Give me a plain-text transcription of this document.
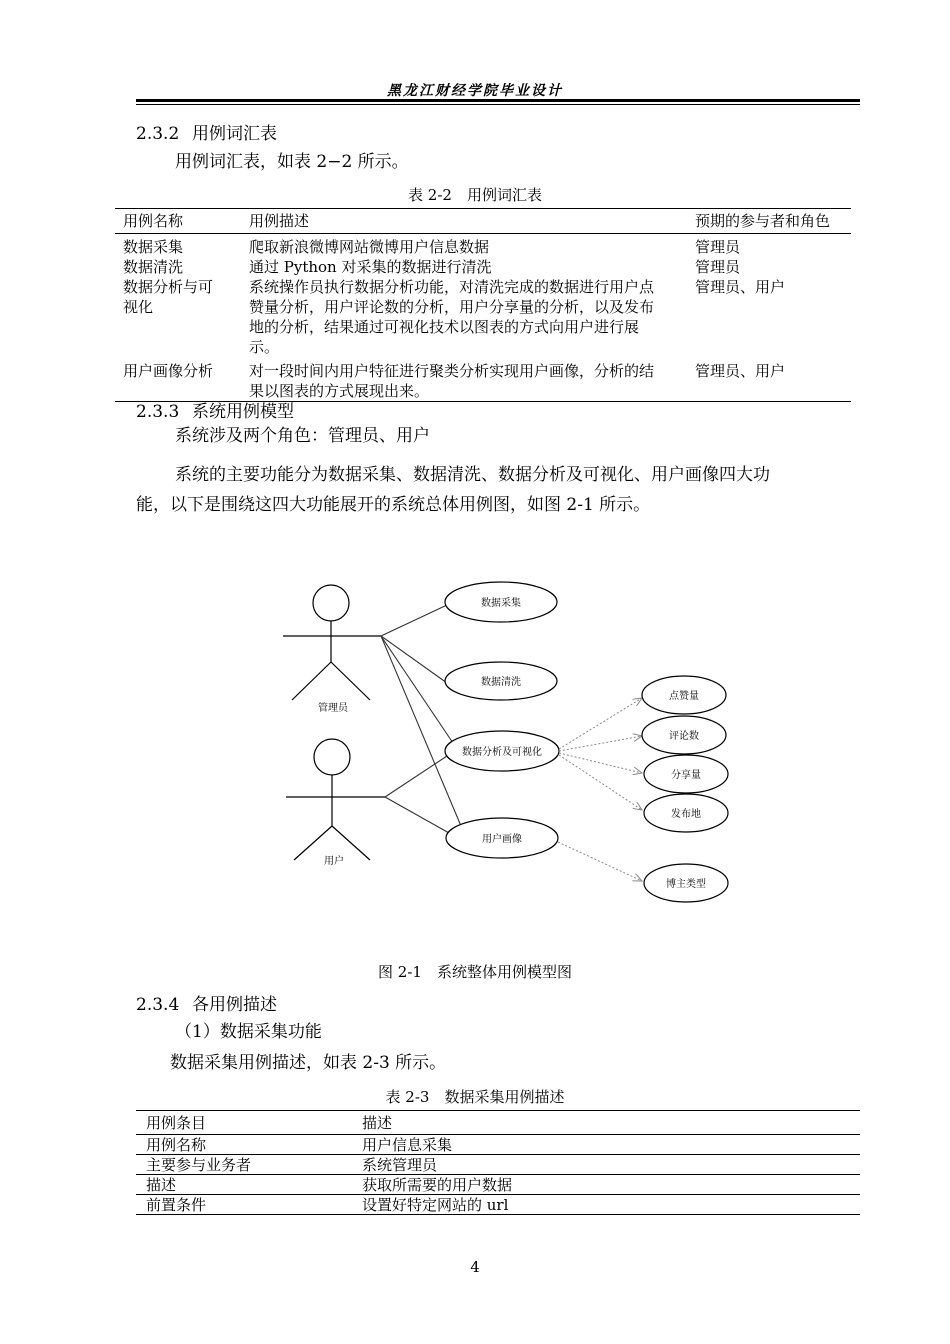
黑龙江财经学院毕业设计
2.3.2 用例词汇表
用例词汇表，如表 2−2 所示。
表 2-2　用例词汇表
用例名称	用例描述	预期的参与者和角色
数据采集	爬取新浪微博网站微博用户信息数据	管理员
数据清洗	通过 Python 对采集的数据进行清洗	管理员
数据分析与可视化	系统操作员执行数据分析功能，对清洗完成的数据进行用户点赞量分析，用户评论数的分析，用户分享量的分析，以及发布地的分析，结果通过可视化技术以图表的方式向用户进行展示。	管理员、用户
用户画像分析	对一段时间内用户特征进行聚类分析实现用户画像，分析的结果以图表的方式展现出来。	管理员、用户
2.3.3 系统用例模型
系统涉及两个角色：管理员、用户
系统的主要功能分为数据采集、数据清洗、数据分析及可视化、用户画像四大功
能，以下是围绕这四大功能展开的系统总体用例图，如图 2-1 所示。
管理员
用户
数据采集
数据清洗
数据分析及可视化
用户画像
点赞量
评论数
分享量
发布地
博主类型
图 2-1　系统整体用例模型图
2.3.4 各用例描述
（1）数据采集功能
数据采集用例描述，如表 2-3 所示。
表 2-3　数据采集用例描述
用例条目	描述
用例名称	用户信息采集
主要参与业务者	系统管理员
描述	获取所需要的用户数据
前置条件	设置好特定网站的 url
4
